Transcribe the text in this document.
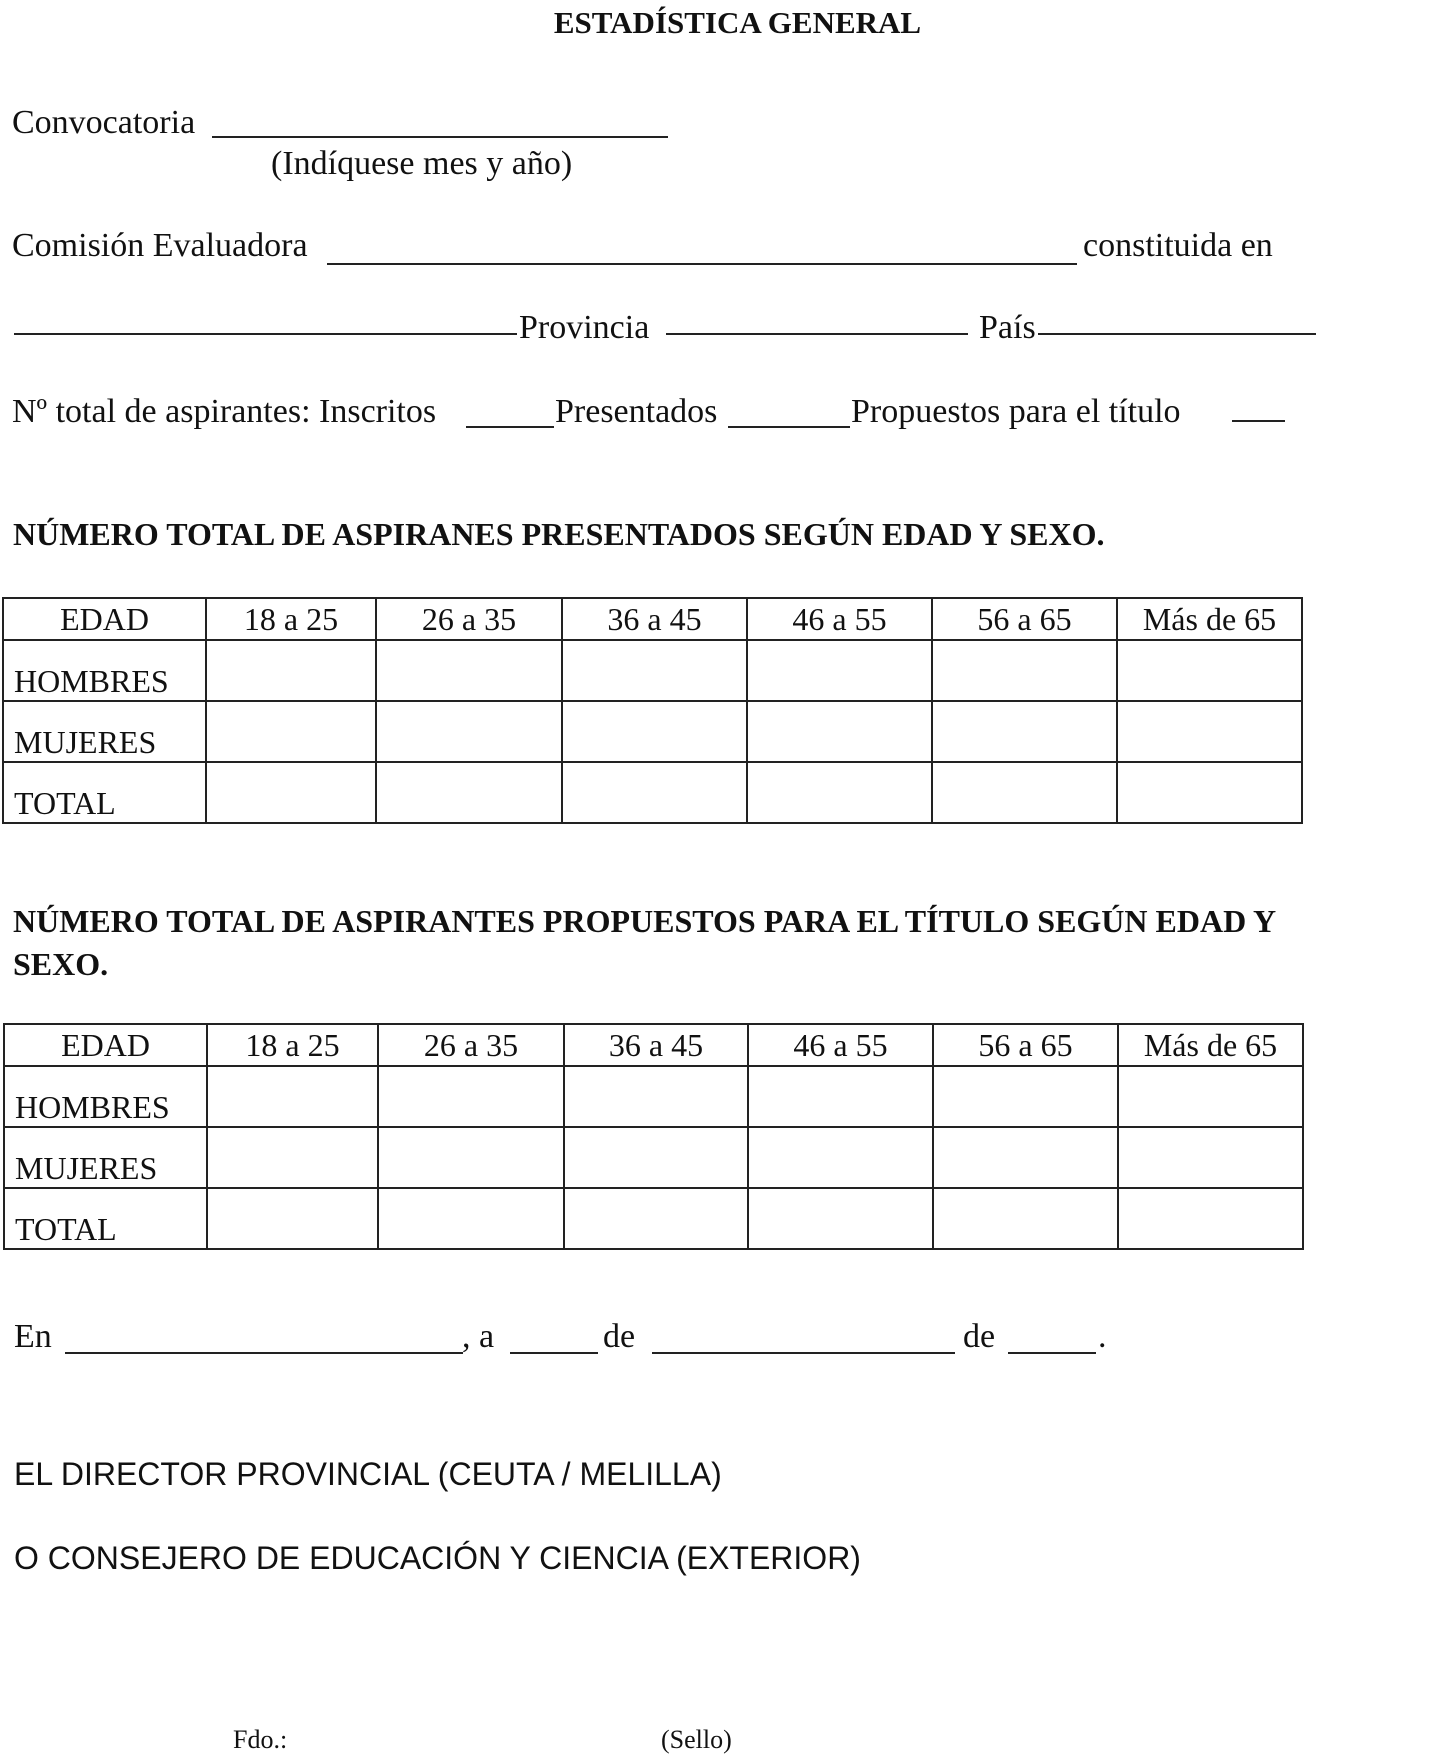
ESTADÍSTICA GENERAL
Convocatoria
(Indíquese mes y año)
Comisión Evaluadora	constituida en
Provincia	País
Nº total de aspirantes: Inscritos	Presentados	Propuestos para el título
NÚMERO TOTAL DE ASPIRANES PRESENTADOS SEGÚN EDAD Y SEXO.
EDAD	18 a 25	26 a 35	36 a 45	46 a 55	56 a 65	Más de 65
HOMBRES						
MUJERES						
TOTAL						
NÚMERO TOTAL DE ASPIRANTES PROPUESTOS PARA EL TÍTULO SEGÚN EDAD Y
SEXO.
EDAD	18 a 25	26 a 35	36 a 45	46 a 55	56 a 65	Más de 65
HOMBRES						
MUJERES						
TOTAL						
En	, a	de	de	.
EL DIRECTOR PROVINCIAL (CEUTA / MELILLA)
O CONSEJERO DE EDUCACIÓN Y CIENCIA (EXTERIOR)
Fdo.:	(Sello)
